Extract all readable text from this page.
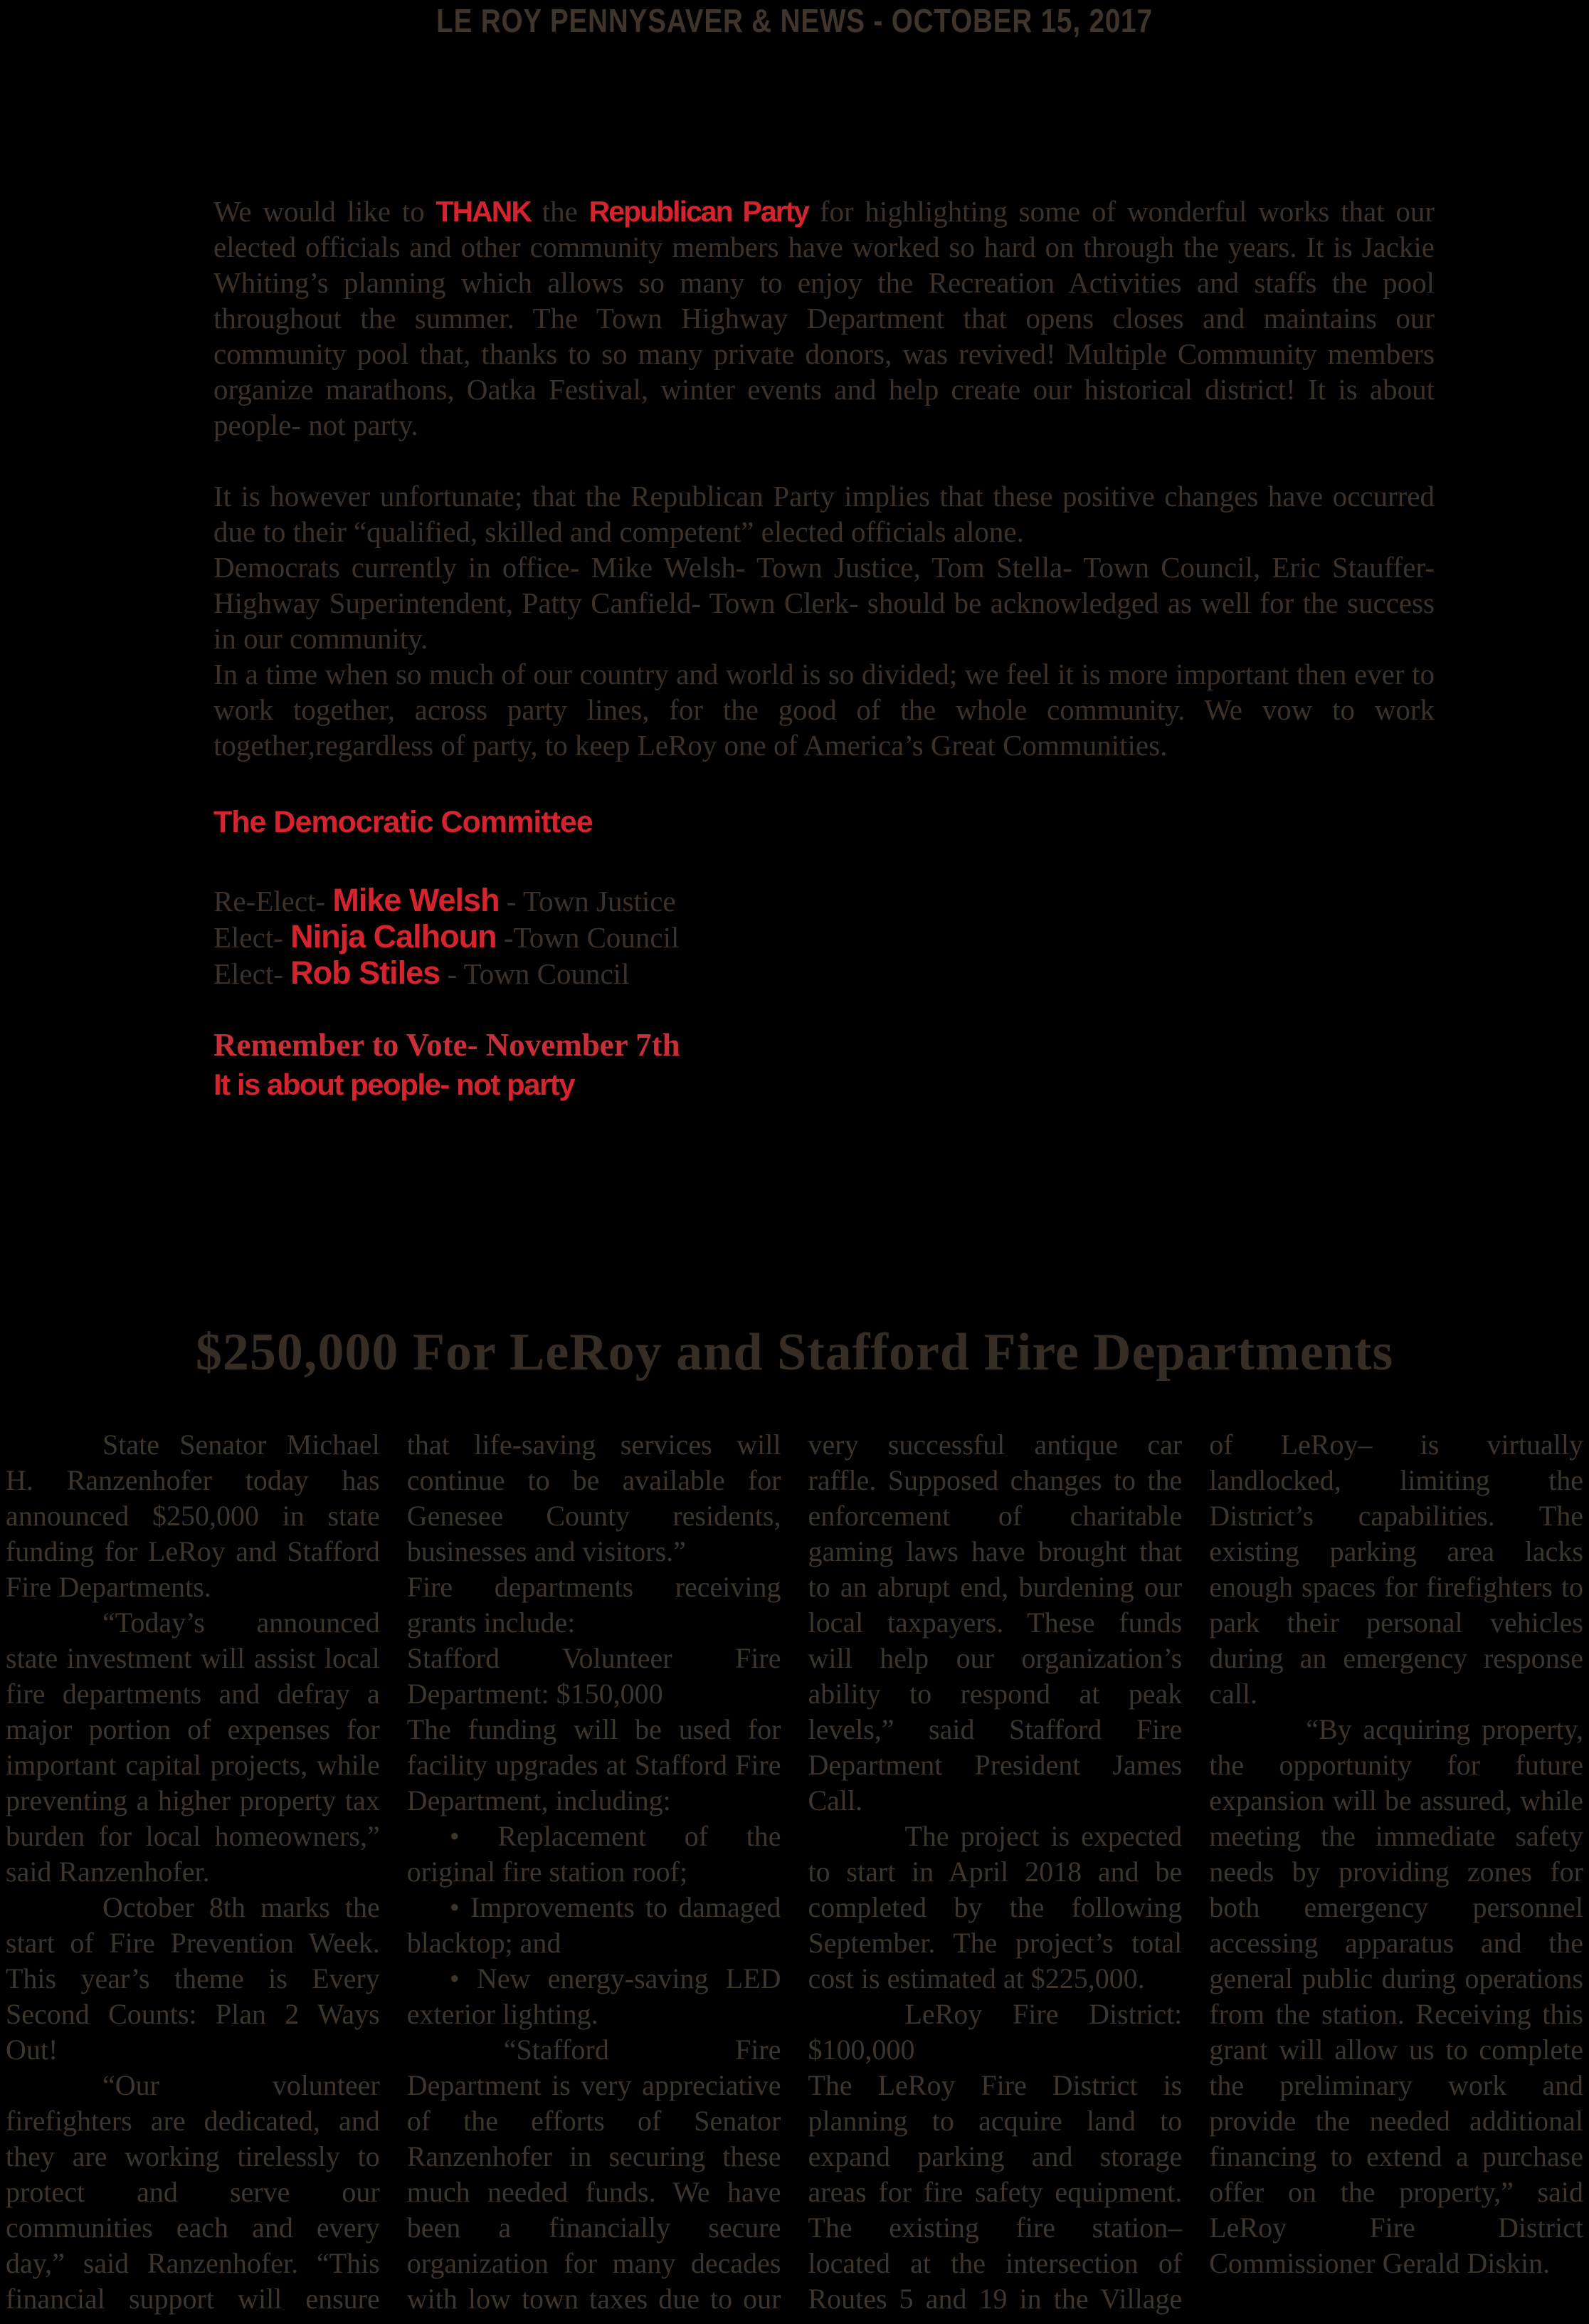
LE ROY PENNYSAVER & NEWS - OCTOBER 15, 2017

We would like to THANK the Republican Party for highlighting some of wonderful works that our elected officials and other community members have worked so hard on through the years. It is Jackie Whiting’s planning which allows so many to enjoy the Recreation Activities and staffs the pool throughout the summer. The Town Highway Department that opens closes and maintains our community pool that, thanks to so many private donors, was revived! Multiple Community members organize marathons, Oatka Festival, winter events and help create our historical district! It is about people- not party.

It is however unfortunate; that the Republican Party implies that these positive changes have occurred due to their “qualified, skilled and competent” elected officials alone.

Democrats currently in office- Mike Welsh- Town Justice, Tom Stella- Town Council, Eric Stauffer- Highway Superintendent, Patty Canfield- Town Clerk- should be acknowledged as well for the success in our community.

In a time when so much of our country and world is so divided; we feel it is more important then ever to work together, across party lines, for the good of the whole community. We vow to work together,regardless of party, to keep LeRoy one of America’s Great Communities.

The Democratic Committee

Re-Elect- Mike Welsh - Town Justice
Elect- Ninja Calhoun -Town Council
Elect- Rob Stiles - Town Council

Remember to Vote- November 7th

It is about people- not party

$250,000 For LeRoy and Stafford Fire Departments

State Senator Michael H. Ranzenhofer today has announced $250,000 in state funding for LeRoy and Stafford Fire Departments.

“Today’s announced state investment will assist local fire departments and defray a major portion of expenses for important capital projects, while preventing a higher property tax burden for local homeowners,” said Ranzenhofer.

October 8th marks the start of Fire Prevention Week. This year’s theme is Every Second Counts: Plan 2 Ways Out!

“Our volunteer firefighters are dedicated, and they are working tirelessly to protect and serve our communities each and every day,” said Ranzenhofer. “This financial support will ensure that life-saving services will continue to be available for Genesee County residents, businesses and visitors.”

Fire departments receiving grants include:

Stafford Volunteer Fire Department: $150,000

The funding will be used for facility upgrades at Stafford Fire Department, including:

• Replacement of the original fire station roof;

• Improvements to damaged blacktop; and

• New energy-saving LED exterior lighting.

“Stafford Fire Department is very appreciative of the efforts of Senator Ranzenhofer in securing these much needed funds. We have been a financially secure organization for many decades with low town taxes due to our very successful antique car raffle. Supposed changes to the enforcement of charitable gaming laws have brought that to an abrupt end, burdening our local taxpayers. These funds will help our organization’s ability to respond at peak levels,” said Stafford Fire Department President James Call.

The project is expected to start in April 2018 and be completed by the following September. The project’s total cost is estimated at $225,000.

LeRoy Fire District: $100,000

The LeRoy Fire District is planning to acquire land to expand parking and storage areas for fire safety equipment. The existing fire station– located at the intersection of Routes 5 and 19 in the Village of LeRoy– is virtually landlocked, limiting the District’s capabilities. The existing parking area lacks enough spaces for firefighters to park their personal vehicles during an emergency response call.

“By acquiring property, the opportunity for future expansion will be assured, while meeting the immediate safety needs by providing zones for both emergency personnel accessing apparatus and the general public during operations from the station. Receiving this grant will allow us to complete the preliminary work and provide the needed additional financing to extend a purchase offer on the property,” said LeRoy Fire District Commissioner Gerald Diskin.
